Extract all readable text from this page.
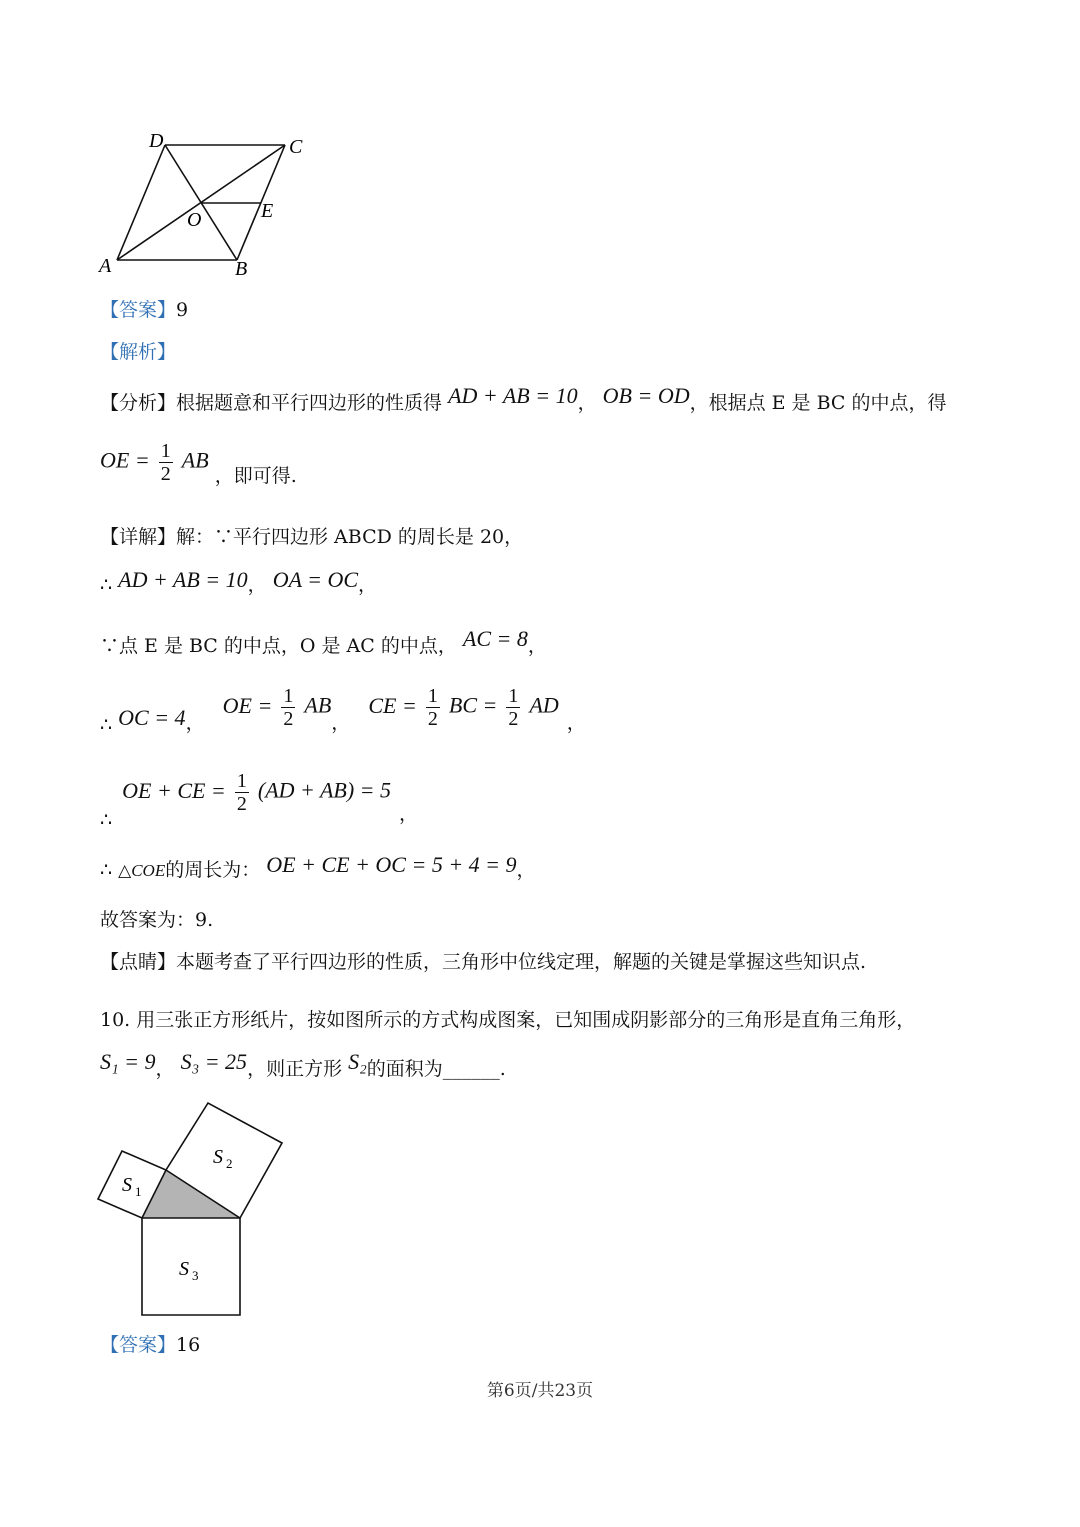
A	B
C
D
O	E
【答案】9
【解析】
【分析】根据题意和平行四边形的性质得 AD + AB = 10， OB = OD，根据点 E 是 BC 的中点，得
OE = $\frac{1}{2}$ AB ，即可得.
【详解】解：∵平行四边形 ABCD 的周长是 20，
∴ AD + AB = 10， OA = OC，
∵点 E 是 BC 的中点，O 是 AC 的中点， AC = 8，
∴ OC = 4， OE = $\frac{1}{2}$ AB， CE = $\frac{1}{2}$ BC = $\frac{1}{2}$ AD，
∴ OE + CE = $\frac{1}{2} (AD + AB) = 5$，
∴ △COE的周长为： OE + CE + OC = 5 + 4 = 9，
故答案为：9.
【点睛】本题考查了平行四边形的性质，三角形中位线定理，解题的关键是掌握这些知识点.
10. 用三张正方形纸片，按如图所示的方式构成图案，已知围成阴影部分的三角形是直角三角形，
S₁ = 9， S₃ = 25，则正方形 S₂的面积为______.
S 1
S 2
S 3
【答案】16
第6页/共23页
